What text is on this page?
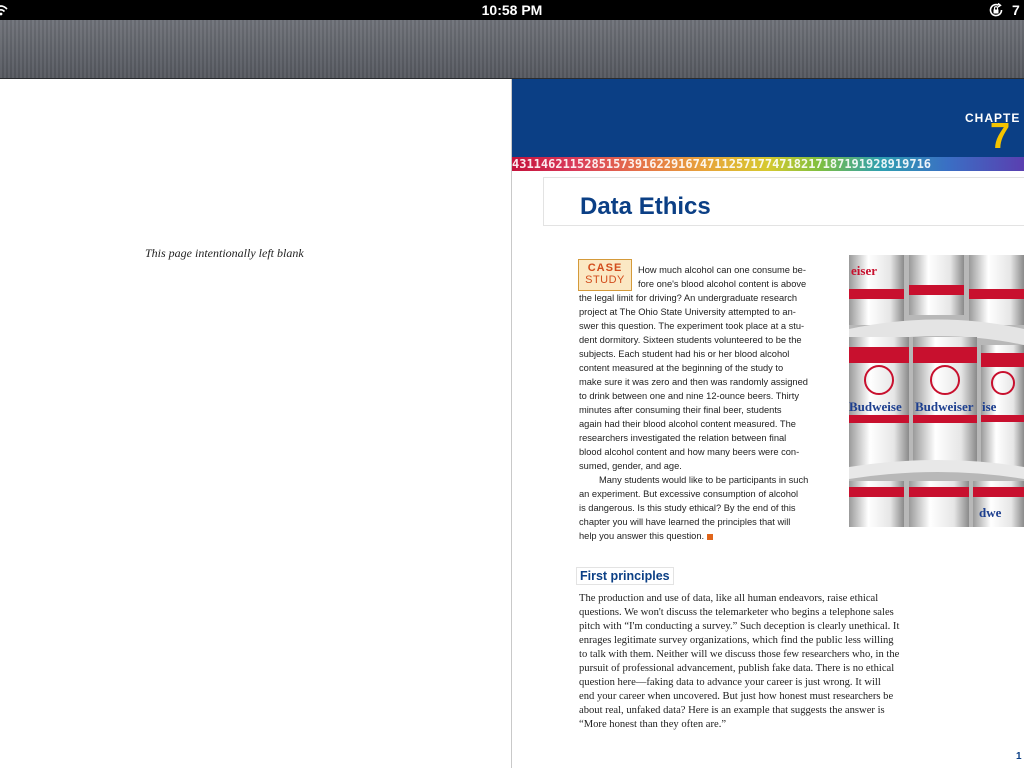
10:58 PM	7
This page intentionally left blank
CHAPTE
7
4311462115285157391622916747112571774718217187191928919716
Data Ethics
CASE
STUDY
How much alcohol can one consume be-
fore one's blood alcohol content is above
the legal limit for driving? An undergraduate research
project at The Ohio State University attempted to an-
swer this question. The experiment took place at a stu-
dent dormitory. Sixteen students volunteered to be the
subjects. Each student had his or her blood alcohol
content measured at the beginning of the study to
make sure it was zero and then was randomly assigned
to drink between one and nine 12-ounce beers. Thirty
minutes after consuming their final beer, students
again had their blood alcohol content measured. The
researchers investigated the relation between final
blood alcohol content and how many beers were con-
sumed, gender, and age.
Many students would like to be participants in such
an experiment. But excessive consumption of alcohol
is dangerous. Is this study ethical? By the end of this
chapter you will have learned the principles that will
help you answer this question.
eiser
Budweise Budweiser ise
dwe
First principles
The production and use of data, like all human endeavors, raise ethical
questions. We won't discuss the telemarketer who begins a telephone sales
pitch with “I'm conducting a survey.” Such deception is clearly unethical. It
enrages legitimate survey organizations, which find the public less willing
to talk with them. Neither will we discuss those few researchers who, in the
pursuit of professional advancement, publish fake data. There is no ethical
question here—faking data to advance your career is just wrong. It will
end your career when uncovered. But just how honest must researchers be
about real, unfaked data? Here is an example that suggests the answer is
“More honest than they often are.”
1
